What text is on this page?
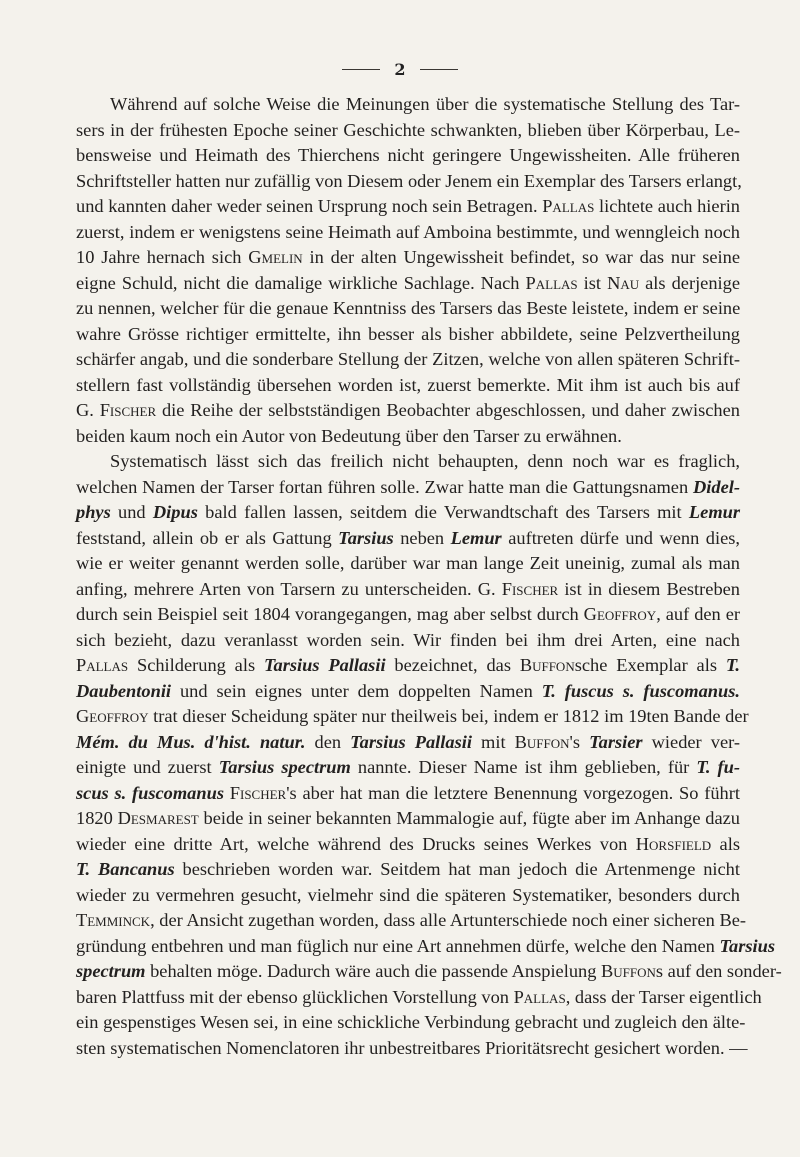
2
Während auf solche Weise die Meinungen über die systematische Stellung des Tar-
sers in der frühesten Epoche seiner Geschichte schwankten, blieben über Körperbau, Le-
bensweise und Heimath des Thierchens nicht geringere Ungewissheiten. Alle früheren
Schriftsteller hatten nur zufällig von Diesem oder Jenem ein Exemplar des Tarsers erlangt,
und kannten daher weder seinen Ursprung noch sein Betragen. Pallas lichtete auch hierin
zuerst, indem er wenigstens seine Heimath auf Amboina bestimmte, und wenngleich noch
10 Jahre hernach sich Gmelin in der alten Ungewissheit befindet, so war das nur seine
eigne Schuld, nicht die damalige wirkliche Sachlage. Nach Pallas ist Nau als derjenige
zu nennen, welcher für die genaue Kenntniss des Tarsers das Beste leistete, indem er seine
wahre Grösse richtiger ermittelte, ihn besser als bisher abbildete, seine Pelzvertheilung
schärfer angab, und die sonderbare Stellung der Zitzen, welche von allen späteren Schrift-
stellern fast vollständig übersehen worden ist, zuerst bemerkte. Mit ihm ist auch bis auf
G. Fischer die Reihe der selbstständigen Beobachter abgeschlossen, und daher zwischen
beiden kaum noch ein Autor von Bedeutung über den Tarser zu erwähnen.
Systematisch lässt sich das freilich nicht behaupten, denn noch war es fraglich,
welchen Namen der Tarser fortan führen solle. Zwar hatte man die Gattungsnamen Didel-
phys und Dipus bald fallen lassen, seitdem die Verwandtschaft des Tarsers mit Lemur
feststand, allein ob er als Gattung Tarsius neben Lemur auftreten dürfe und wenn dies,
wie er weiter genannt werden solle, darüber war man lange Zeit uneinig, zumal als man
anfing, mehrere Arten von Tarsern zu unterscheiden. G. Fischer ist in diesem Bestreben
durch sein Beispiel seit 1804 vorangegangen, mag aber selbst durch Geoffroy, auf den er
sich bezieht, dazu veranlasst worden sein. Wir finden bei ihm drei Arten, eine nach
Pallas Schilderung als Tarsius Pallasii bezeichnet, das Buffonsche Exemplar als T.
Daubentonii und sein eignes unter dem doppelten Namen T. fuscus s. fuscomanus.
Geoffroy trat dieser Scheidung später nur theilweis bei, indem er 1812 im 19ten Bande der
Mém. du Mus. d'hist. natur. den Tarsius Pallasii mit Buffon's Tarsier wieder ver-
einigte und zuerst Tarsius spectrum nannte. Dieser Name ist ihm geblieben, für T. fu-
scus s. fuscomanus Fischer's aber hat man die letztere Benennung vorgezogen. So führt
1820 Desmarest beide in seiner bekannten Mammalogie auf, fügte aber im Anhange dazu
wieder eine dritte Art, welche während des Drucks seines Werkes von Horsfield als
T. Bancanus beschrieben worden war. Seitdem hat man jedoch die Artenmenge nicht
wieder zu vermehren gesucht, vielmehr sind die späteren Systematiker, besonders durch
Temminck, der Ansicht zugethan worden, dass alle Artunterschiede noch einer sicheren Be-
gründung entbehren und man füglich nur eine Art annehmen dürfe, welche den Namen Tarsius
spectrum behalten möge. Dadurch wäre auch die passende Anspielung Buffons auf den sonder-
baren Plattfuss mit der ebenso glücklichen Vorstellung von Pallas, dass der Tarser eigentlich
ein gespenstiges Wesen sei, in eine schickliche Verbindung gebracht und zugleich den älte-
sten systematischen Nomenclatoren ihr unbestreitbares Prioritätsrecht gesichert worden. —
